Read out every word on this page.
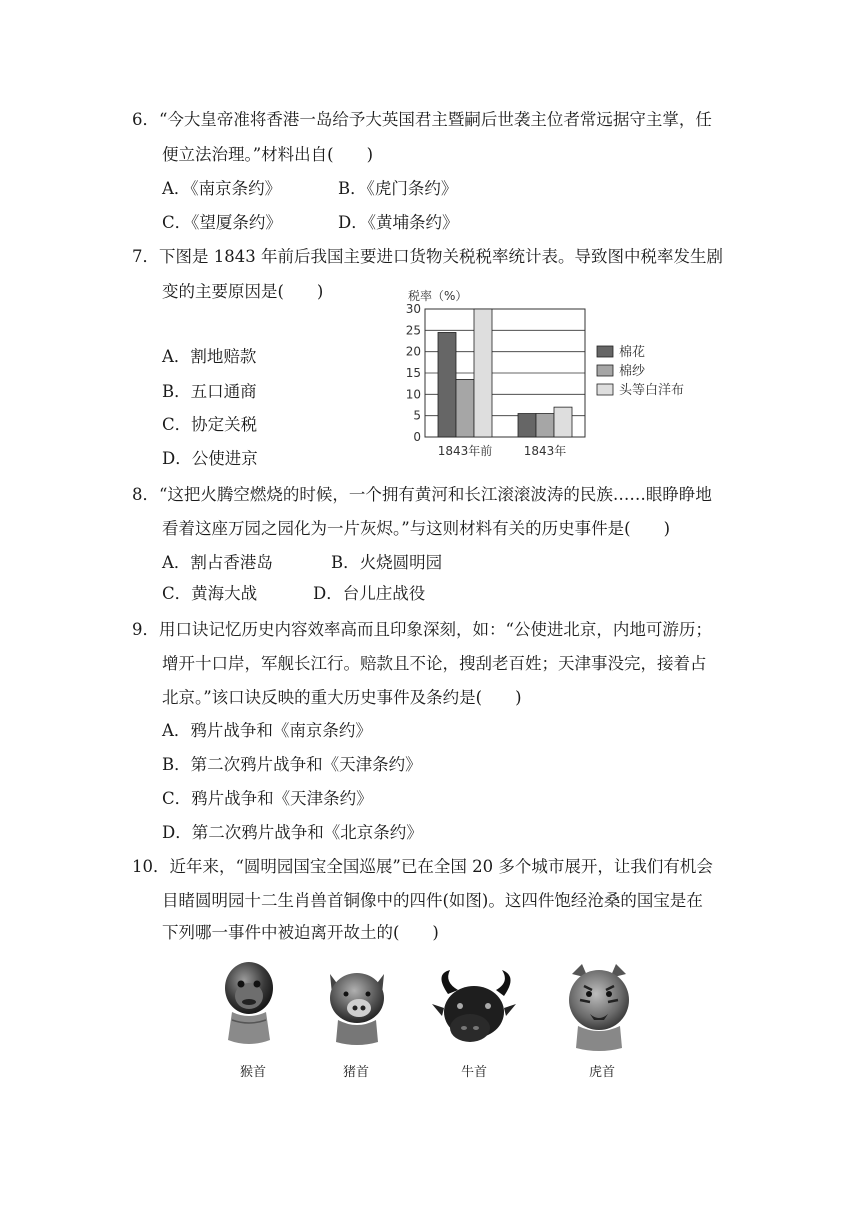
6．“今大皇帝准将香港一岛给予大英国君主暨嗣后世袭主位者常远据守主掌，任
便立法治理。”材料出自(　　)
A．《南京条约》	B．《虎门条约》
C．《望厦条约》	D．《黄埔条约》
7．下图是 1843 年前后我国主要进口货物关税税率统计表。导致图中税率发生剧
变的主要原因是(　　)
A．割地赔款
B．五口通商
C．协定关税
D．公使进京
税率（%）
0
5
10
15
20
25
30
1843年前	1843年
棉花
棉纱
头等白洋布
8．“这把火腾空燃烧的时候，一个拥有黄河和长江滚滚波涛的民族……眼睁睁地
看着这座万园之园化为一片灰烬。”与这则材料有关的历史事件是(　　)
A．割占香港岛	B．火烧圆明园
C．黄海大战	D．台儿庄战役
9．用口诀记忆历史内容效率高而且印象深刻，如：“公使进北京，内地可游历；
增开十口岸，军舰长江行。赔款且不论，搜刮老百姓；天津事没完，接着占
北京。”该口诀反映的重大历史事件及条约是(　　)
A．鸦片战争和《南京条约》
B．第二次鸦片战争和《天津条约》
C．鸦片战争和《天津条约》
D．第二次鸦片战争和《北京条约》
10．近年来，“圆明园国宝全国巡展”已在全国 20 多个城市展开，让我们有机会
目睹圆明园十二生肖兽首铜像中的四件(如图)。这四件饱经沧桑的国宝是在
下列哪一事件中被迫离开故土的(　　)
猴首	猪首	牛首	虎首
